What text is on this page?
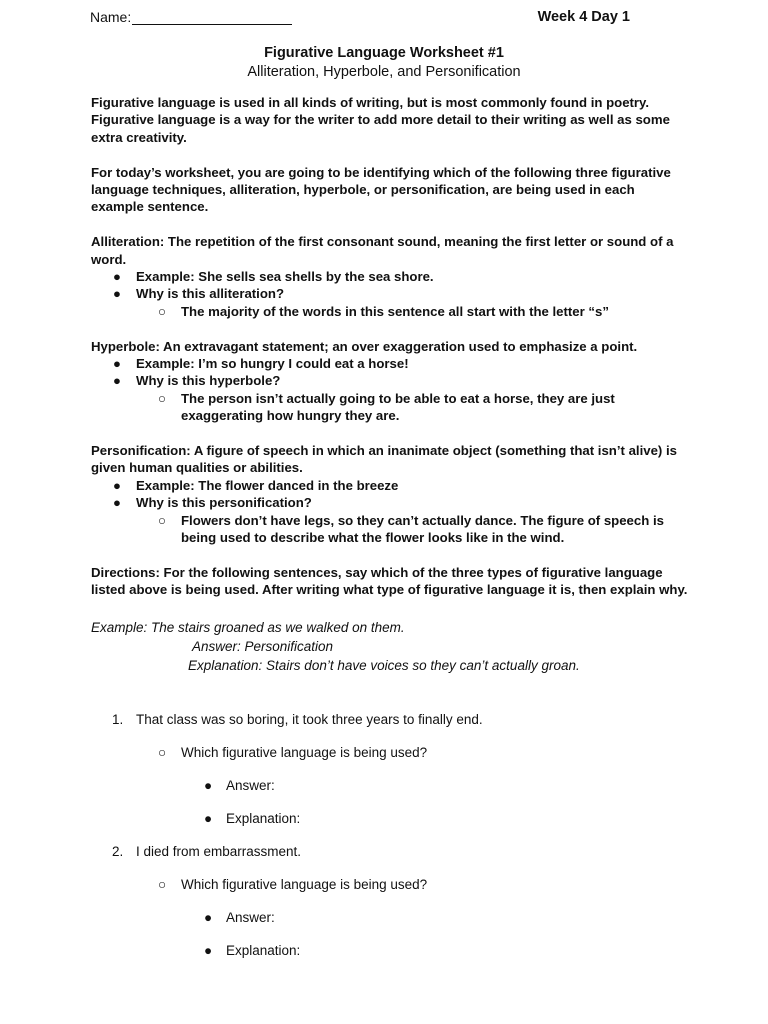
Name:	Week 4 Day 1
Figurative Language Worksheet #1
Alliteration, Hyperbole, and Personification

Figurative language is used in all kinds of writing, but is most commonly found in poetry. Figurative language is a way for the writer to add more detail to their writing as well as some extra creativity.

For today’s worksheet, you are going to be identifying which of the following three figurative language techniques, alliteration, hyperbole, or personification, are being used in each example sentence.

Alliteration: The repetition of the first consonant sound, meaning the first letter or sound of a word.

● Example: She sells sea shells by the sea shore.
● Why is this alliteration?
○ The majority of the words in this sentence all start with the letter “s”

Hyperbole: An extravagant statement; an over exaggeration used to emphasize a point.

● Example: I’m so hungry I could eat a horse!
● Why is this hyperbole?
○ The person isn’t actually going to be able to eat a horse, they are just exaggerating how hungry they are.

Personification: A figure of speech in which an inanimate object (something that isn’t alive) is given human qualities or abilities.

● Example: The flower danced in the breeze
● Why is this personification?
○ Flowers don’t have legs, so they can’t actually dance. The figure of speech is being used to describe what the flower looks like in the wind.

Directions: For the following sentences, say which of the three types of figurative language listed above is being used. After writing what type of figurative language it is, then explain why.

Example: The stairs groaned as we walked on them.
Answer: Personification
Explanation: Stairs don’t have voices so they can’t actually groan.
1. That class was so boring, it took three years to finally end.
○ Which figurative language is being used?
● Answer:
● Explanation:
2. I died from embarrassment.
○ Which figurative language is being used?
● Answer:
● Explanation:
